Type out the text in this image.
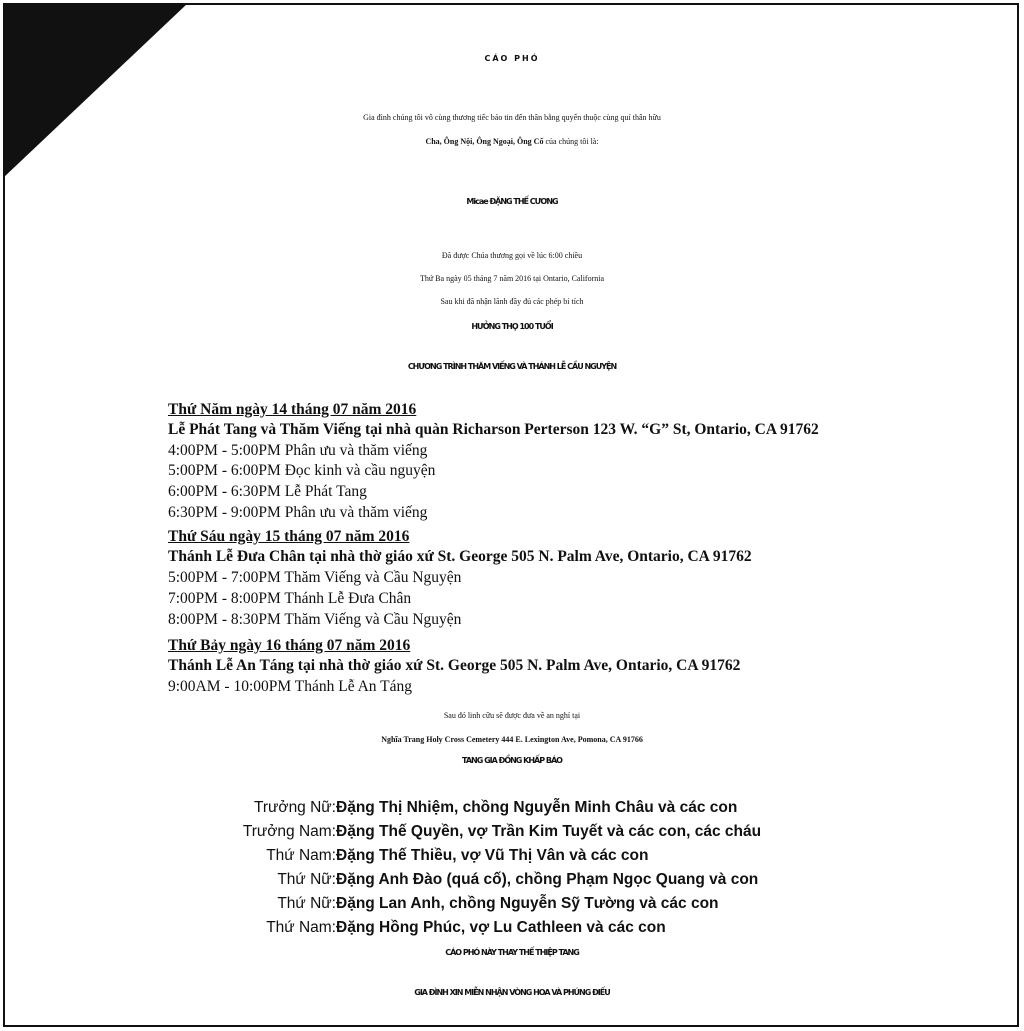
CÁO PHÓ
Gia đình chúng tôi vô cùng thương tiếc báo tin đến thân bằng quyến thuộc cùng quí thân hữu
Cha, Ông Nội, Ông Ngoại, Ông Cố của chúng tôi là:
Micae ĐẶNG THẾ CƯƠNG
Đã được Chúa thương gọi về lúc 6:00 chiều
Thứ Ba ngày 05 tháng 7 năm 2016 tại Ontario, California
Sau khi đã nhận lãnh đầy đủ các phép bí tích
HƯỞNG THỌ 100 TUỔI
CHƯƠNG TRÌNH THĂM VIẾNG VÀ THÁNH LỄ CẦU NGUYỆN
Thứ Năm ngày 14 tháng 07 năm 2016
Lễ Phát Tang và Thăm Viếng tại nhà quàn Richarson Perterson 123 W. “G” St, Ontario, CA 91762
4:00PM - 5:00PM Phân ưu và thăm viếng
5:00PM - 6:00PM Đọc kinh và cầu nguyện
6:00PM - 6:30PM Lễ Phát Tang
6:30PM - 9:00PM Phân ưu và thăm viếng
Thứ Sáu ngày 15 tháng 07 năm 2016
Thánh Lễ Đưa Chân tại nhà thờ giáo xứ St. George 505 N. Palm Ave, Ontario, CA 91762
5:00PM - 7:00PM Thăm Viếng và Cầu Nguyện
7:00PM - 8:00PM Thánh Lễ Đưa Chân
8:00PM - 8:30PM Thăm Viếng và Cầu Nguyện
Thứ Bảy ngày 16 tháng 07 năm 2016
Thánh Lễ An Táng tại nhà thờ giáo xứ St. George 505 N. Palm Ave, Ontario, CA 91762
9:00AM - 10:00PM Thánh Lễ An Táng
Sau đó linh cữu sẽ được đưa về an nghỉ tại
Nghĩa Trang Holy Cross Cemetery 444 E. Lexington Ave, Pomona, CA 91766
TANG GIA ĐỒNG KHẤP BÁO
Trưởng Nữ:Đặng Thị Nhiệm, chồng Nguyễn Minh Châu và các con
Trưởng Nam:Đặng Thế Quyền, vợ Trần Kim Tuyết và các con, các cháu
Thứ Nam:Đặng Thế Thiều, vợ Vũ Thị Vân và các con
Thứ Nữ:Đặng Anh Đào (quá cố), chồng Phạm Ngọc Quang và con
Thứ Nữ:Đặng Lan Anh, chồng Nguyễn Sỹ Tường và các con
Thứ Nam:Đặng Hồng Phúc, vợ Lu Cathleen và các con
CÁO PHÓ NÀY THAY THẾ THIỆP TANG
GIA ĐÌNH XIN MIỄN NHẬN VÒNG HOA VÀ PHÚNG ĐIẾU
